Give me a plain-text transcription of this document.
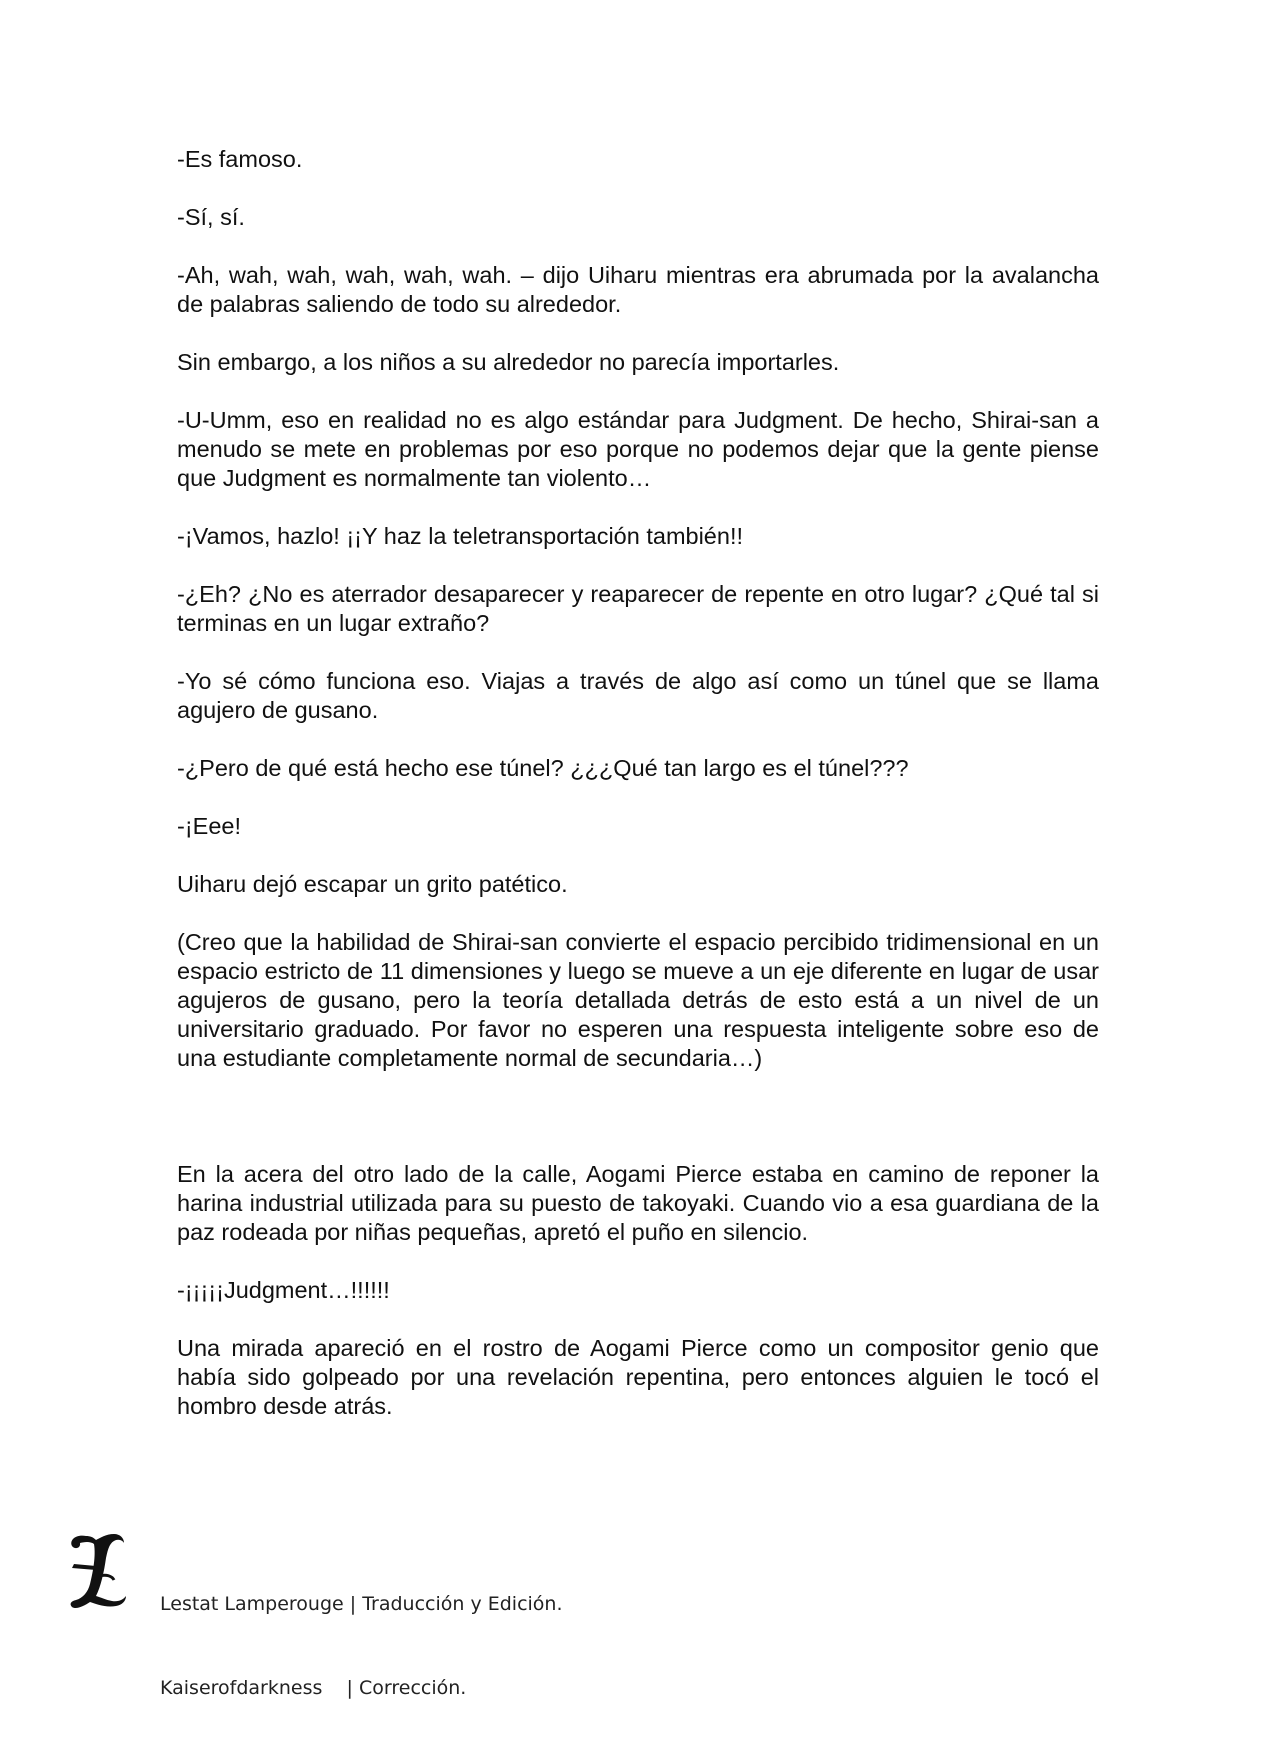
-Es famoso.

-Sí, sí.

-Ah, wah, wah, wah, wah, wah. – dijo Uiharu mientras era abrumada por la avalancha de palabras saliendo de todo su alrededor.

Sin embargo, a los niños a su alrededor no parecía importarles.

-U-Umm, eso en realidad no es algo estándar para Judgment. De hecho, Shirai-san a menudo se mete en problemas por eso porque no podemos dejar que la gente piense que Judgment es normalmente tan violento…

-¡Vamos, hazlo! ¡¡Y haz la teletransportación también!!

-¿Eh? ¿No es aterrador desaparecer y reaparecer de repente en otro lugar? ¿Qué tal si terminas en un lugar extraño?

-Yo sé cómo funciona eso. Viajas a través de algo así como un túnel que se llama agujero de gusano.

-¿Pero de qué está hecho ese túnel? ¿¿¿Qué tan largo es el túnel???

-¡Eee!

Uiharu dejó escapar un grito patético.

(Creo que la habilidad de Shirai-san convierte el espacio percibido tridimensional en un espacio estricto de 11 dimensiones y luego se mueve a un eje diferente en lugar de usar agujeros de gusano, pero la teoría detallada detrás de esto está a un nivel de un universitario graduado. Por favor no esperen una respuesta inteligente sobre eso de una estudiante completamente normal de secundaria…)

En la acera del otro lado de la calle, Aogami Pierce estaba en camino de reponer la harina industrial utilizada para su puesto de takoyaki. Cuando vio a esa guardiana de la paz rodeada por niñas pequeñas, apretó el puño en silencio.

-¡¡¡¡¡Judgment…!!!!!!

Una mirada apareció en el rostro de Aogami Pierce como un compositor genio que había sido golpeado por una revelación repentina, pero entonces alguien le tocó el hombro desde atrás.

Lestat Lamperouge | Traducción y Edición.

Kaiserofdarkness    | Corrección.
